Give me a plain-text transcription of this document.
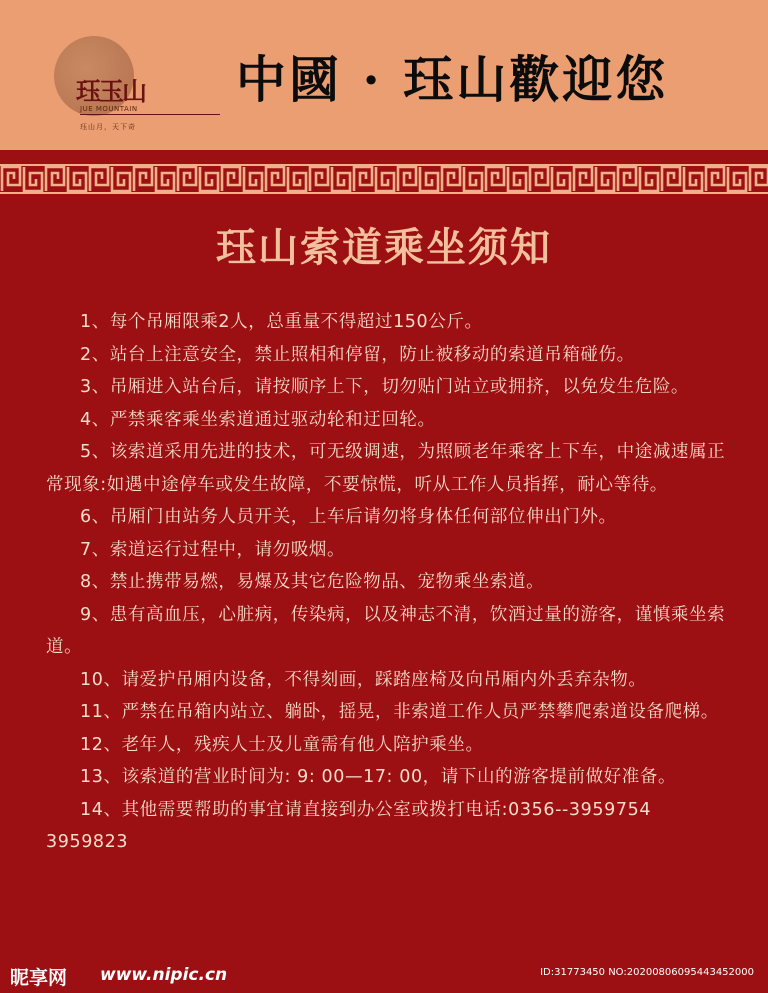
珏玉山
JUE MOUNTAIN
珏山月，天下奇
中國 · 珏山歡迎您
珏山索道乘坐须知

1、每个吊厢限乘2人，总重量不得超过150公斤。

2、站台上注意安全，禁止照相和停留，防止被移动的索道吊箱碰伤。

3、吊厢进入站台后，请按顺序上下，切勿贴门站立或拥挤，以免发生危险。

4、严禁乘客乘坐索道通过驱动轮和迂回轮。

5、该索道采用先进的技术，可无级调速，为照顾老年乘客上下车，中途减速属正常现象:如遇中途停车或发生故障，不要惊慌，听从工作人员指挥，耐心等待。

6、吊厢门由站务人员开关，上车后请勿将身体任何部位伸出门外。

7、索道运行过程中，请勿吸烟。

8、禁止携带易燃，易爆及其它危险物品、宠物乘坐索道。

9、患有高血压，心脏病，传染病，以及神志不清，饮酒过量的游客，谨慎乘坐索道。

10、请爱护吊厢内设备，不得刻画，踩踏座椅及向吊厢内外丢弃杂物。

11、严禁在吊箱内站立、躺卧，摇晃，非索道工作人员严禁攀爬索道设备爬梯。

12、老年人，残疾人士及儿童需有他人陪护乘坐。

13、该索道的营业时间为: 9: 00—17: 00，请下山的游客提前做好准备。

14、其他需要帮助的事宜请直接到办公室或拨打电话:0356--3959754 3959823

昵享网 www.nipic.cn	ID:31773450 NO:20200806095443452000
